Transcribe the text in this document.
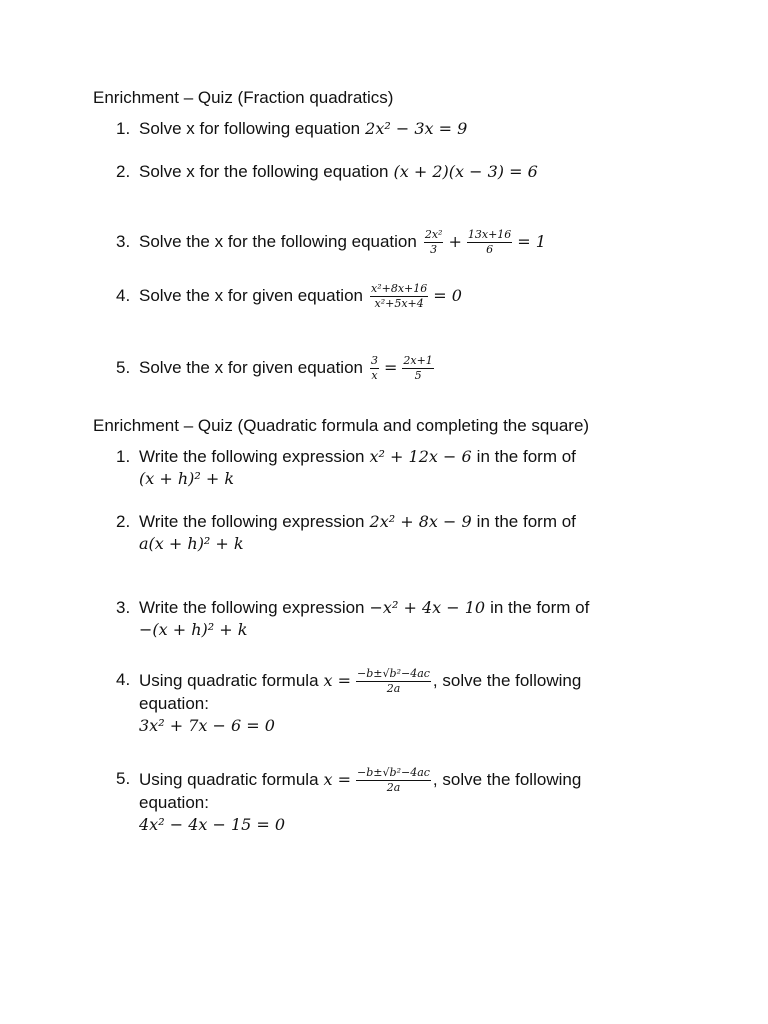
Enrichment – Quiz (Fraction quadratics)
1. Solve x for following equation 2x² − 3x = 9
2. Solve x for the following equation (x + 2)(x − 3) = 6
3. Solve the x for the following equation $\frac{\text{2x²}}{3} + \frac{13x+16}{6} = 1$
4. Solve the x for given equation $\frac{\text{x²+8x+16}}{\text{x²+5x+4}} = 0$
5. Solve the x for given equation $\frac{3}{x} = \frac{2x+1}{5}$
Enrichment – Quiz (Quadratic formula and completing the square)
1. Write the following expression x² + 12x − 6 in the form of
(x + h)² + k
2. Write the following expression 2x² + 8x − 9 in the form of
a(x + h)² + k
3. Write the following expression −x² + 4x − 10 in the form of
−(x + h)² + k
4. Using quadratic formula $x = \frac{\text{−b±√b²−4ac}}{2a}$ , solve the following
equation:
3x² + 7x − 6 = 0
5. Using quadratic formula $x = \frac{\text{−b±√b²−4ac}}{2a}$ , solve the following
equation:
4x² − 4x − 15 = 0
